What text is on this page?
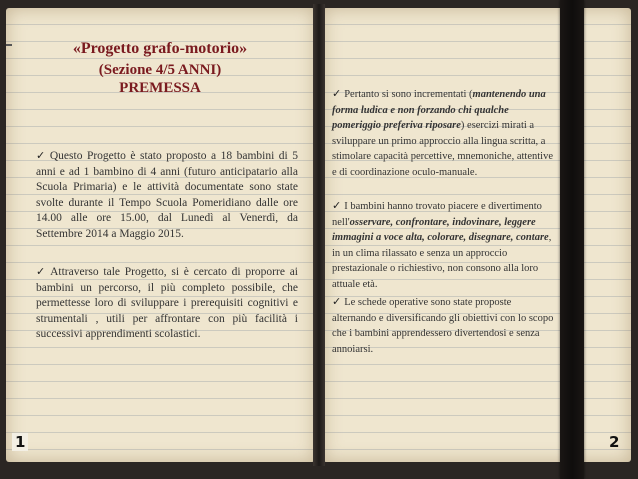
«Progetto grafo-motorio»
(Sezione 4/5 ANNI)
PREMESSA
✓ Questo Progetto è stato proposto a 18 bambini di 5 anni e ad 1 bambino di 4 anni (futuro anticipatario alla Scuola Primaria) e le attività documentate sono state svolte durante il Tempo Scuola Pomeridiano dalle ore 14.00 alle ore 15.00, dal Lunedì al Venerdì, da Settembre 2014 a Maggio 2015.
✓ Attraverso tale Progetto, si è cercato di proporre ai bambini un percorso, il più completo possibile, che permettesse loro di sviluppare i prerequisiti cognitivi e strumentali , utili per affrontare con più facilità i successivi apprendimenti scolastici.
✓ Pertanto si sono incrementati (mantenendo una forma ludica e non forzando chi qualche pomeriggio preferiva riposare) esercizi mirati a sviluppare un primo approccio alla lingua scritta, a stimolare capacità percettive, mnemoniche, attentive e di coordinazione oculo-manuale.
✓ I bambini hanno trovato piacere e divertimento nell'osservare, confrontare, indovinare, leggere immagini a voce alta, colorare, disegnare, contare, in un clima rilassato e senza un approccio prestazionale o richiestivo, non consono alla loro attuale età.
✓ Le schede operative sono state proposte alternando e diversificando gli obiettivi con lo scopo che i bambini apprendessero divertendosi e senza annoiarsi.
1	2
